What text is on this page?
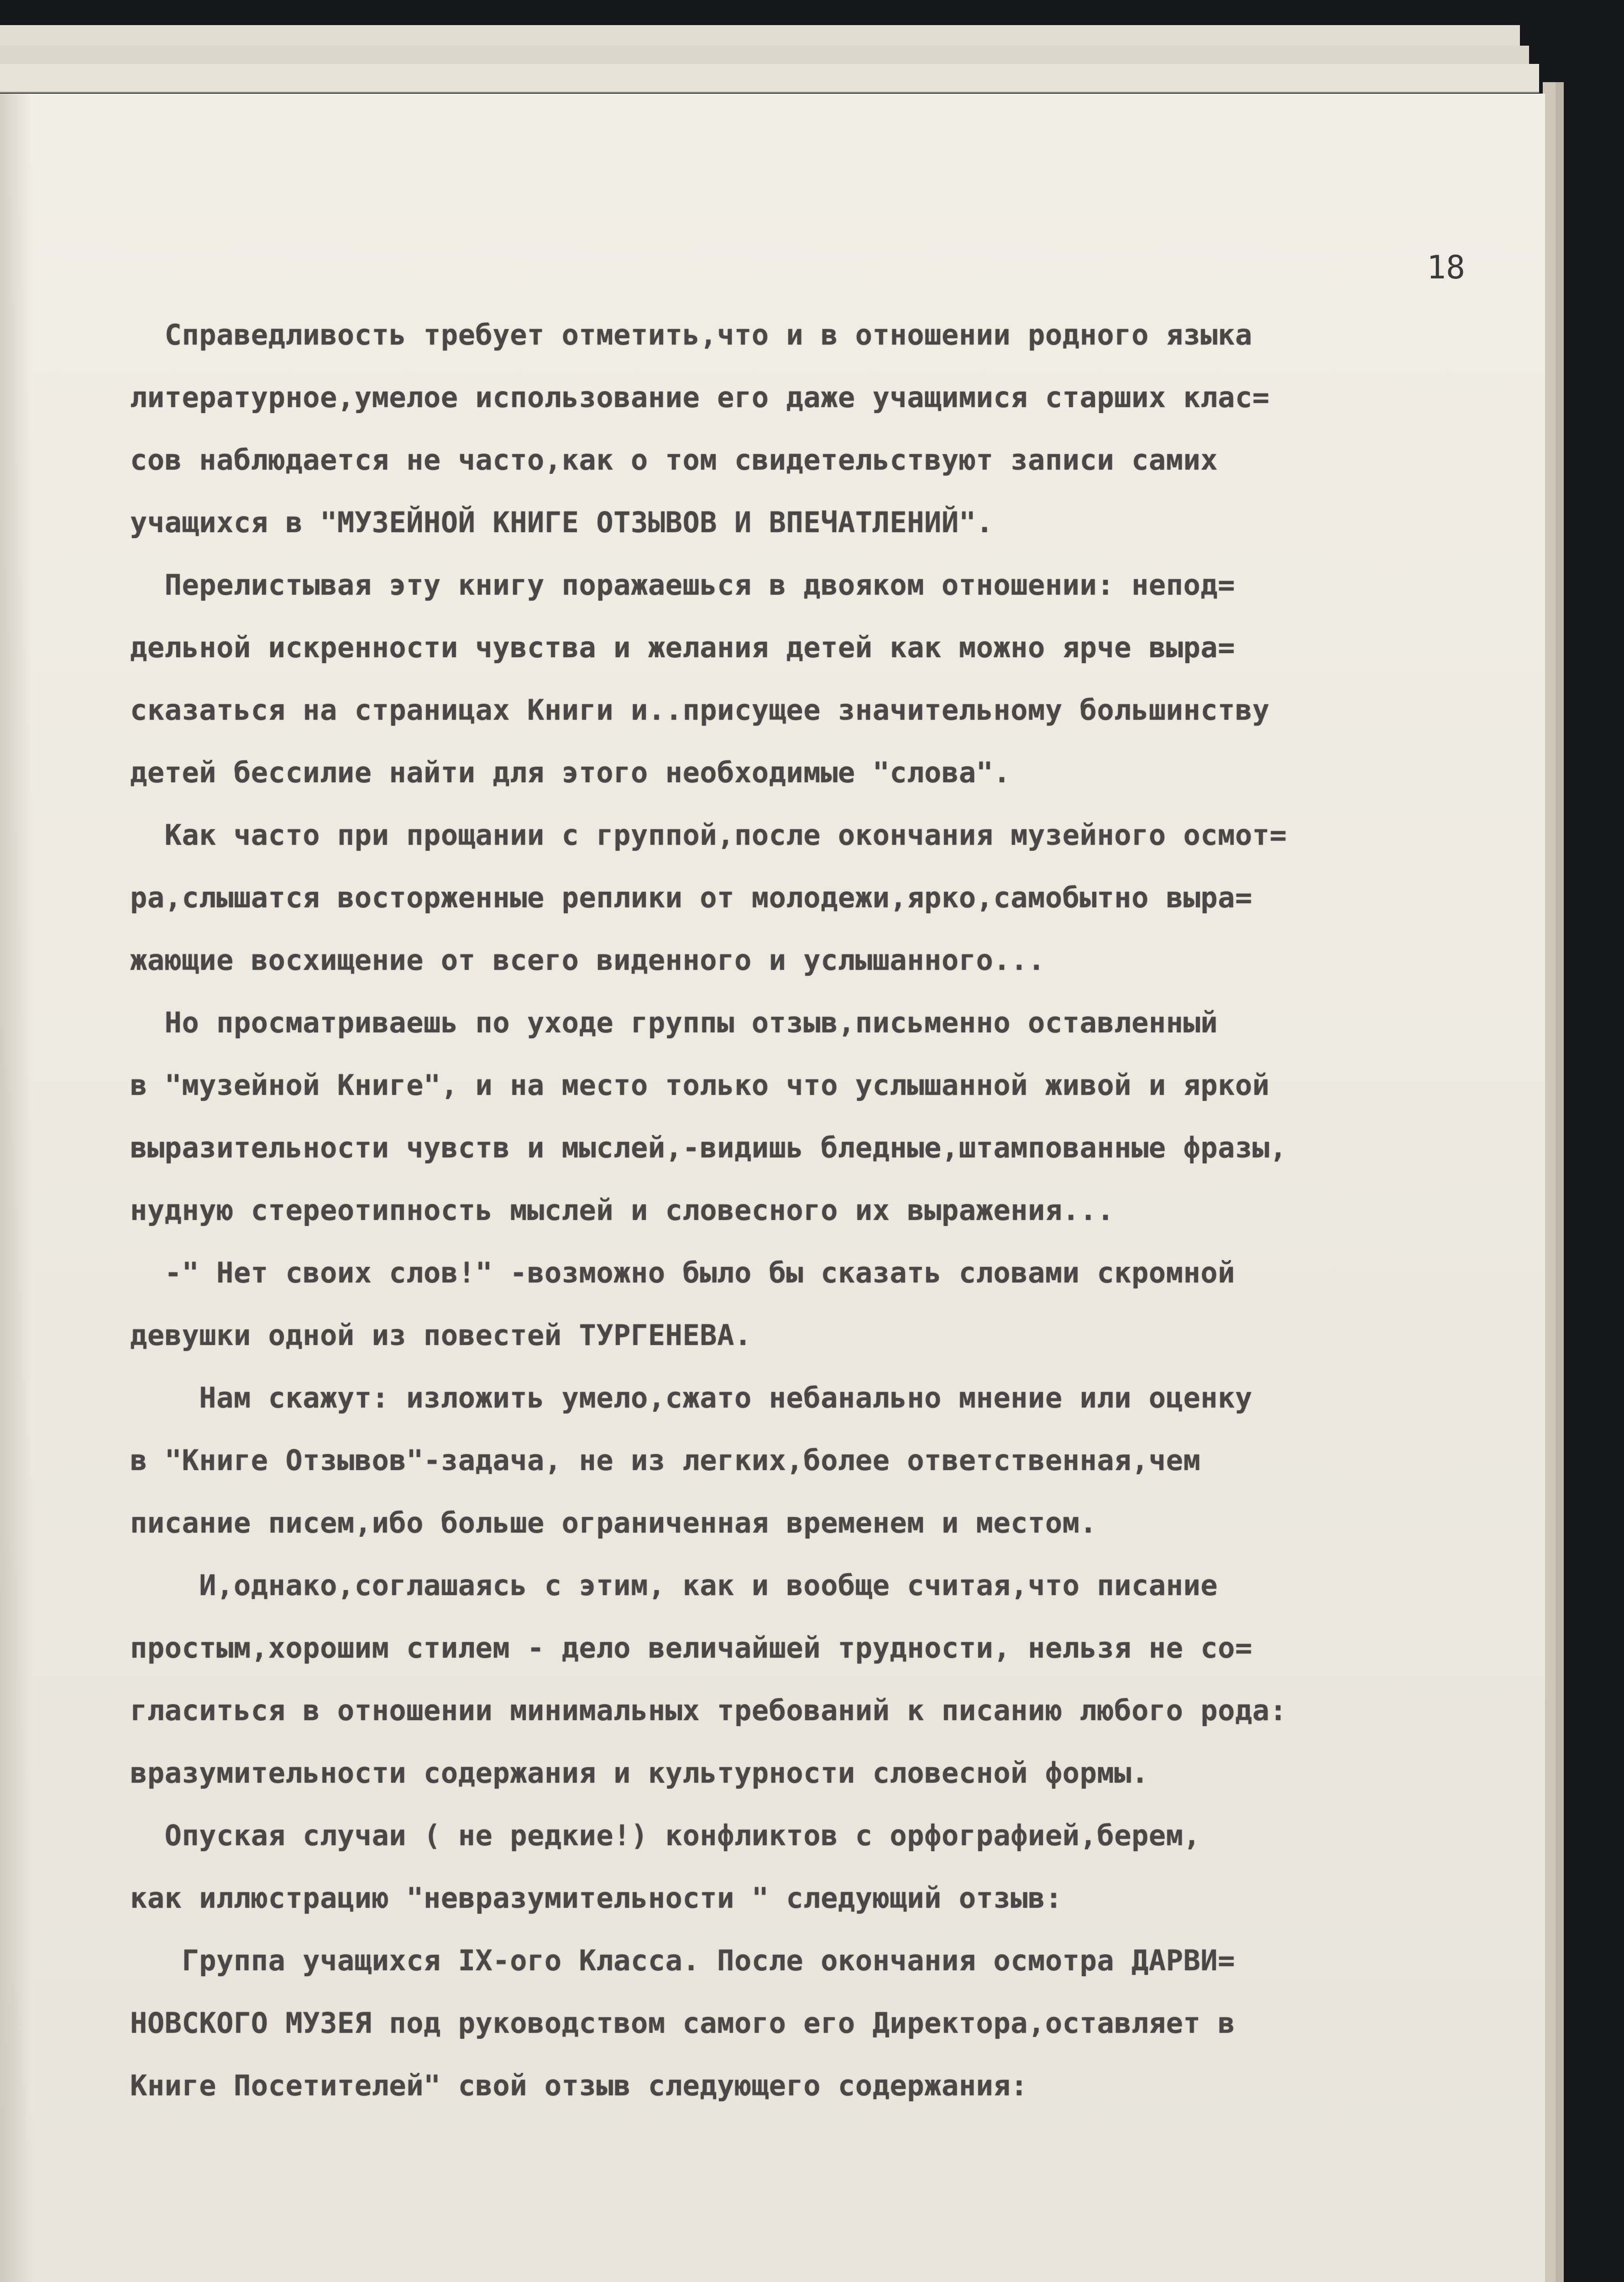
18
Справедливость требует отметить,что и в отношении родного языка
литературное,умелое использование его даже учащимися старших клас=
сов наблюдается не часто,как о том свидетельствуют записи самих
учащихся в "МУЗЕЙНОЙ КНИГЕ ОТЗЫВОВ И ВПЕЧАТЛЕНИЙ".
Перелистывая эту книгу поражаешься в двояком отношении: непод=
дельной искренности чувства и желания детей как можно ярче выра=
сказаться на страницах Книги и..присущее значительному большинству
детей бессилие найти для этого необходимые "слова".
Как часто при прощании с группой,после окончания музейного осмот=
ра,слышатся восторженные реплики от молодежи,ярко,самобытно выра=
жающие восхищение от всего виденного и услышанного...
Но просматриваешь по уходе группы отзыв,письменно оставленный
в "музейной Книге", и на место только что услышанной живой и яркой
выразительности чувств и мыслей,-видишь бледные,штампованные фразы,
нудную стереотипность мыслей и словесного их выражения...
-" Нет своих слов!" -возможно было бы сказать словами скромной
девушки одной из повестей ТУРГЕНЕВА.
Нам скажут: изложить умело,сжато небанально мнение или оценку
в "Книге Отзывов"-задача, не из легких,более ответственная,чем
писание писем,ибо больше ограниченная временем и местом.
И,однако,соглашаясь с этим, как и вообще считая,что писание
простым,хорошим стилем - дело величайшей трудности, нельзя не со=
гласиться в отношении минимальных требований к писанию любого рода:
вразумительности содержания и культурности словесной формы.
Опуская случаи ( не редкие!) конфликтов с орфографией,берем,
как иллюстрацию "невразумительности " следующий отзыв:
Группа учащихся IX-ого Класса. После окончания осмотра ДАРВИ=
НОВСКОГО МУЗЕЯ под руководством самого его Директора,оставляет в
Книге Посетителей" свой отзыв следующего содержания:
